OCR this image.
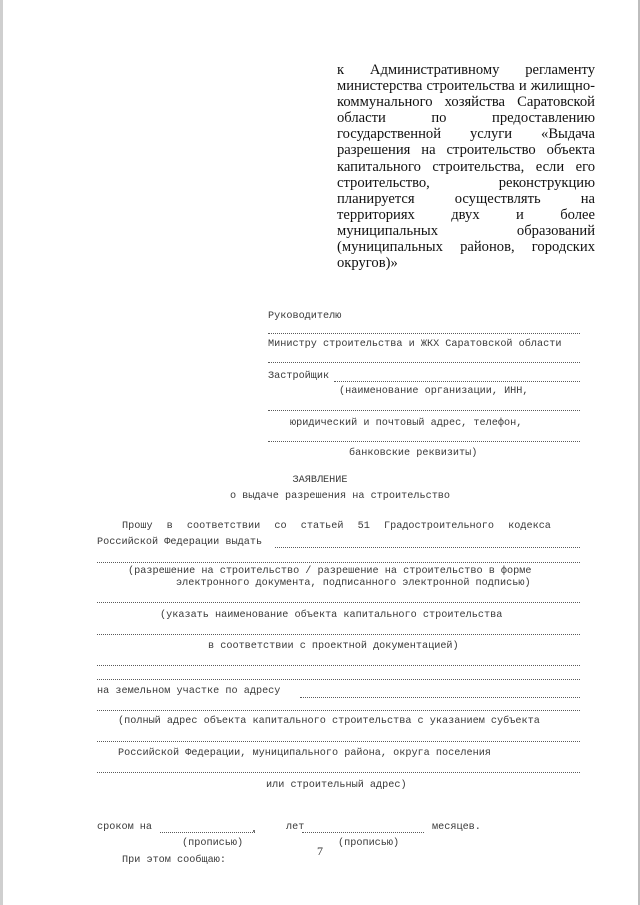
к Административному регламенту министерства строительства и жилищно-коммунального хозяйства Саратовской области по предоставлению государственной услуги «Выдача разрешения на строительство объекта капитального строительства, если его строительство, реконструкцию планируется осуществлять на территориях двух и более муниципальных образований (муниципальных районов, городских округов)»
Руководителю
Министру строительства и ЖКХ Саратовской области
Застройщик
(наименование организации, ИНН,
юридический и почтовый адрес, телефон,
банковские реквизиты)
ЗАЯВЛЕНИЕ
о выдаче разрешения на строительство
Прошу в соответствии со статьей 51 Градостроительного кодекса
Российской Федерации выдать
(разрешение на строительство / разрешение на строительство в форме
электронного документа, подписанного электронной подписью)
(указать наименование объекта капитального строительства
в соответствии с проектной документацией)
на земельном участке по адресу
(полный адрес объекта капитального строительства с указанием субъекта
Российской Федерации, муниципального района, округа поселения
или строительный адрес)
сроком на	лет	месяцев.
(прописью)	(прописью)
При этом сообщаю:
7
